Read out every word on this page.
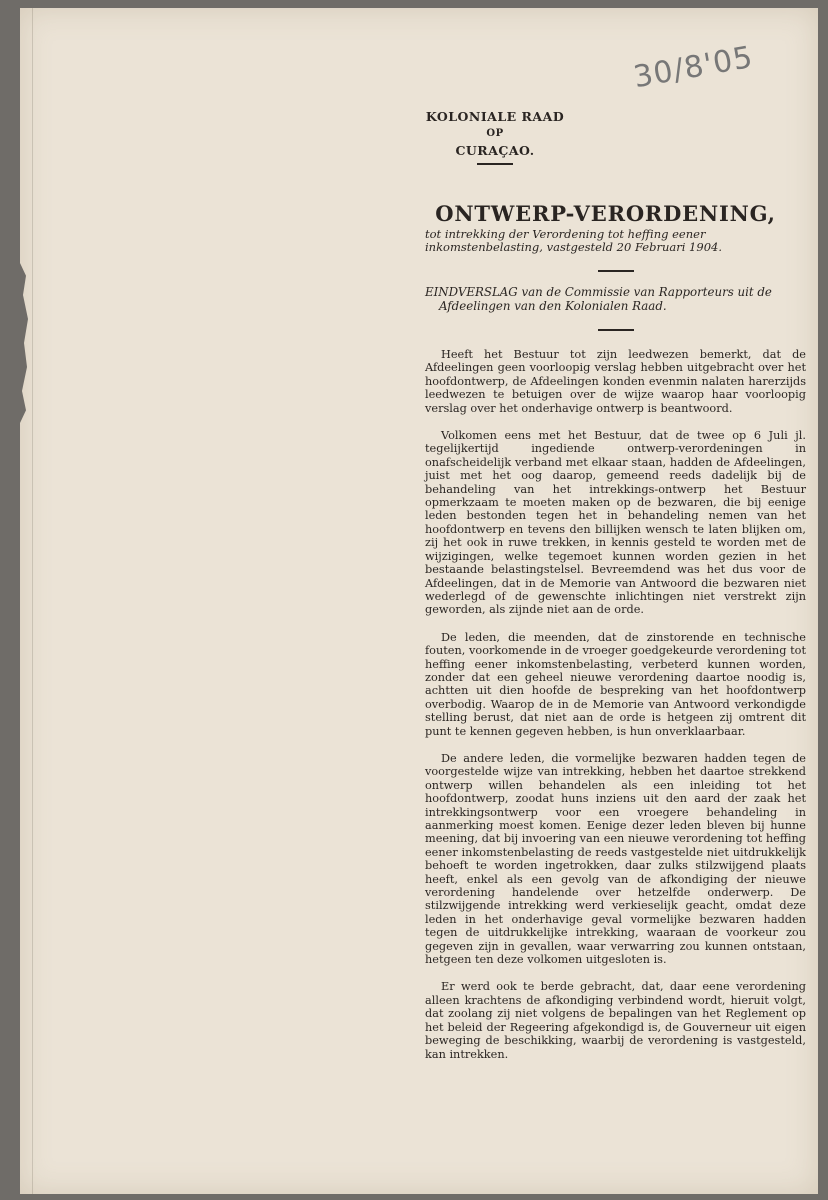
30/8'05
KOLONIALE RAAD
OP
CURAÇAO.
ONTWERP-VERORDENING,
tot intrekking der Verordening tot heffing eener inkomstenbelasting, vastgesteld 20 Februari 1904.
EINDVERSLAG van de Commissie van Rapporteurs uit de Afdeelingen van den Kolonialen Raad.

Heeft het Bestuur tot zijn leedwezen bemerkt, dat de Afdeelingen geen voorloopig verslag hebben uitgebracht over het hoofdontwerp, de Afdeelingen konden evenmin nalaten harerzijds leedwezen te betuigen over de wijze waarop haar voorloopig verslag over het onderhavige ontwerp is beantwoord.

Volkomen eens met het Bestuur, dat de twee op 6 Juli jl. tegelijkertijd ingediende ontwerp-verordeningen in onafscheidelijk verband met elkaar staan, hadden de Afdeelingen, juist met het oog daarop, gemeend reeds dadelijk bij de behandeling van het intrekkings-ontwerp het Bestuur opmerkzaam te moeten maken op de bezwaren, die bij eenige leden bestonden tegen het in behandeling nemen van het hoofdontwerp en tevens den billijken wensch te laten blijken om, zij het ook in ruwe trekken, in kennis gesteld te worden met de wijzigingen, welke tegemoet kunnen worden gezien in het bestaande belastingstelsel. Bevreemdend was het dus voor de Afdeelingen, dat in de Memorie van Antwoord die bezwaren niet wederlegd of de gewenschte inlichtingen niet verstrekt zijn geworden, als zijnde niet aan de orde.

De leden, die meenden, dat de zinstorende en technische fouten, voorkomende in de vroeger goedgekeurde verordening tot heffing eener inkomstenbelasting, verbeterd kunnen worden, zonder dat een geheel nieuwe verordening daartoe noodig is, achtten uit dien hoofde de bespreking van het hoofdontwerp overbodig. Waarop de in de Memorie van Antwoord verkondigde stelling berust, dat niet aan de orde is hetgeen zij omtrent dit punt te kennen gegeven hebben, is hun onverklaarbaar.

De andere leden, die vormelijke bezwaren hadden tegen de voorgestelde wijze van intrekking, hebben het daartoe strekkend ontwerp willen behandelen als een inleiding tot het hoofdontwerp, zoodat huns inziens uit den aard der zaak het intrekkingsontwerp voor een vroegere behandeling in aanmerking moest komen. Eenige dezer leden bleven bij hunne meening, dat bij invoering van een nieuwe verordening tot heffing eener inkomstenbelasting de reeds vastgestelde niet uitdrukkelijk behoeft te worden ingetrokken, daar zulks stilzwijgend plaats heeft, enkel als een gevolg van de afkondiging der nieuwe verordening handelende over hetzelfde onderwerp. De stilzwijgende intrekking werd verkieselijk geacht, omdat deze leden in het onderhavige geval vormelijke bezwaren hadden tegen de uitdrukkelijke intrekking, waaraan de voorkeur zou gegeven zijn in gevallen, waar verwarring zou kunnen ontstaan, hetgeen ten deze volkomen uitgesloten is.

Er werd ook te berde gebracht, dat, daar eene verordening alleen krachtens de afkondiging verbindend wordt, hieruit volgt, dat zoolang zij niet volgens de bepalingen van het Reglement op het beleid der Regeering afgekondigd is, de Gouverneur uit eigen beweging de beschikking, waarbij de verordening is vastgesteld, kan intrekken.
